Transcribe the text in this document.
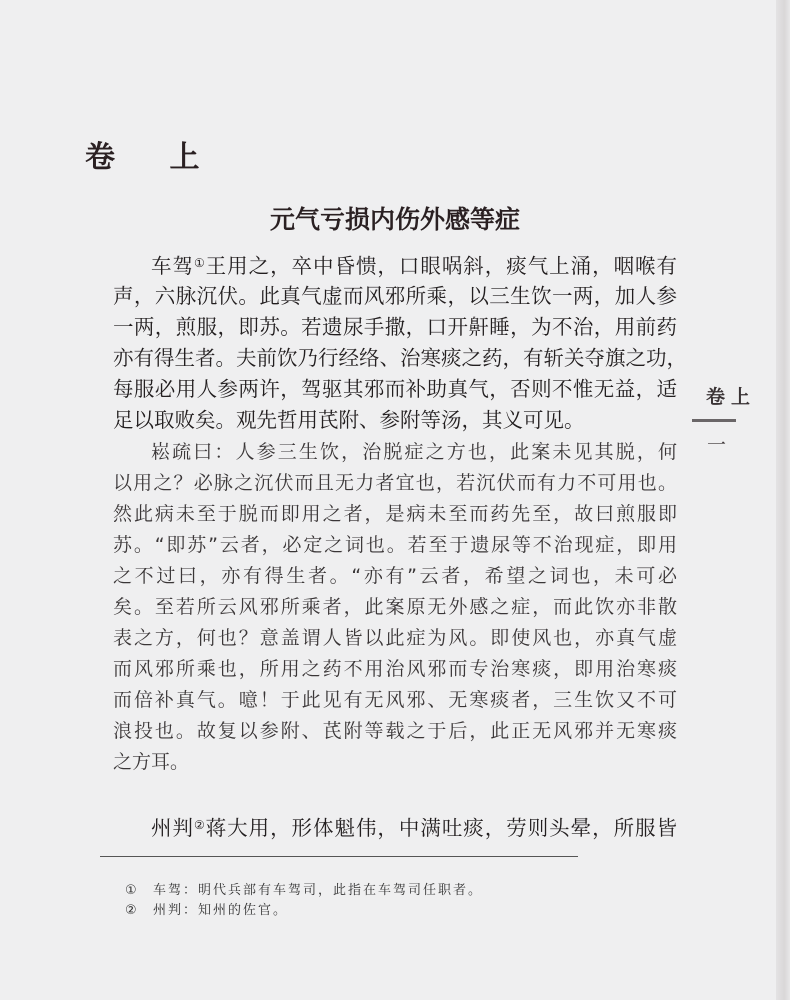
卷 上
元气亏损内伤外感等症
车驾①王用之，卒中昏愦，口眼㖞斜，痰气上涌，咽喉有
声，六脉沉伏。此真气虚而风邪所乘，以三生饮一两，加人参
一两，煎服，即苏。若遗尿手撒，口开鼾睡，为不治，用前药
亦有得生者。夫前饮乃行经络、治寒痰之药，有斩关夺旗之功，
每服必用人参两许，驾驱其邪而补助真气，否则不惟无益，适
足以取败矣。观先哲用芪附、参附等汤，其义可见。
崧疏曰：人参三生饮，治脱症之方也，此案未见其脱，何
以用之？必脉之沉伏而且无力者宜也，若沉伏而有力不可用也。
然此病未至于脱而即用之者，是病未至而药先至，故曰煎服即
苏。“即苏”云者，必定之词也。若至于遗尿等不治现症，即用
之不过曰，亦有得生者。“亦有”云者，希望之词也，未可必
矣。至若所云风邪所乘者，此案原无外感之症，而此饮亦非散
表之方，何也？意盖谓人皆以此症为风。即使风也，亦真气虚
而风邪所乘也，所用之药不用治风邪而专治寒痰，即用治寒痰
而倍补真气。噫！于此见有无风邪、无寒痰者，三生饮又不可
浪投也。故复以参附、芪附等载之于后，此正无风邪并无寒痰
之方耳。
州判②蒋大用，形体魁伟，中满吐痰，劳则头晕，所服皆
① 车驾：明代兵部有车驾司，此指在车驾司任职者。
② 州判：知州的佐官。
卷上
一
